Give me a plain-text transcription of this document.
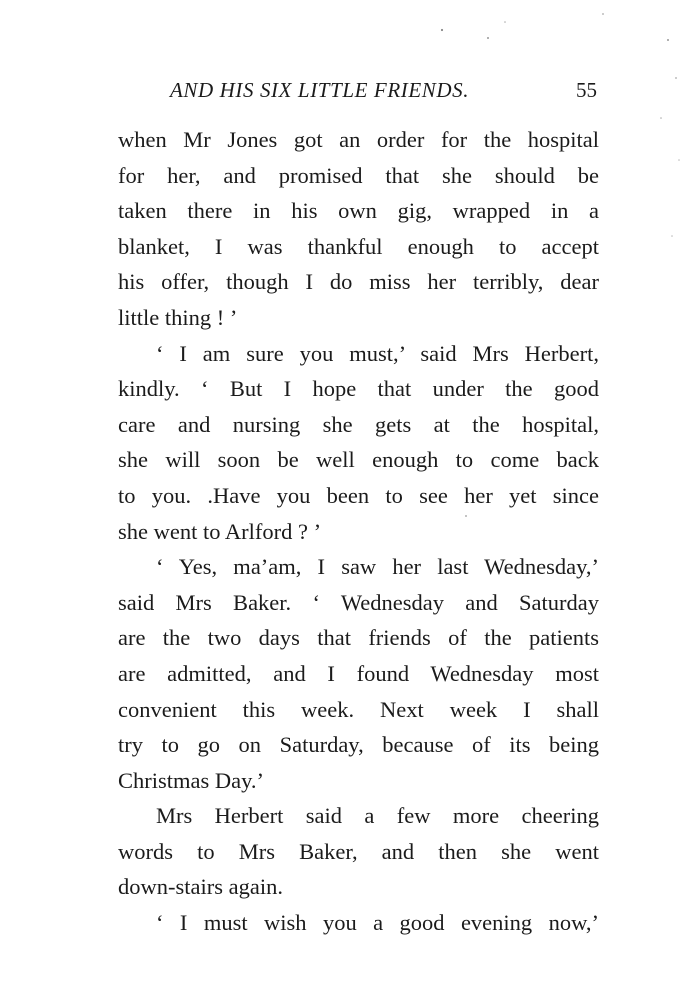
AND HIS SIX LITTLE FRIENDS.	55
when Mr Jones got an order for the hospital
for her, and promised that she should be
taken there in his own gig, wrapped in a
blanket, I was thankful enough to accept
his offer, though I do miss her terribly, dear
little thing ! ’
‘ I am sure you must,’ said Mrs Herbert,
kindly. ‘ But I hope that under the good
care and nursing she gets at the hospital,
she will soon be well enough to come back
to you. .Have you been to see her yet since
she went to Arlford ? ’
‘ Yes, ma’am, I saw her last Wednesday,’
said Mrs Baker. ‘ Wednesday and Saturday
are the two days that friends of the patients
are admitted, and I found Wednesday most
convenient this week. Next week I shall
try to go on Saturday, because of its being
Christmas Day.’
Mrs Herbert said a few more cheering
words to Mrs Baker, and then she went
down-stairs again.
‘ I must wish you a good evening now,’
